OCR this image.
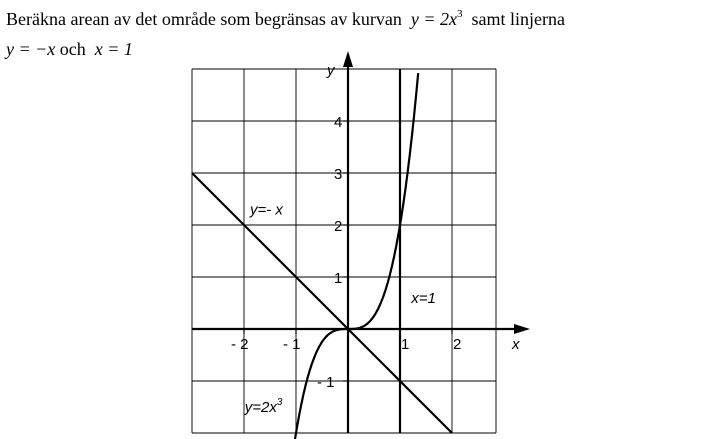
Beräkna arean av det område som begränsas av kurvan $y = 2x^3$ samt linjerna
y = −x och x = 1
x
y
- 2 - 1	1	2
- 1
1
2
3
4
y=- x
x=1
$y=2x^3$
